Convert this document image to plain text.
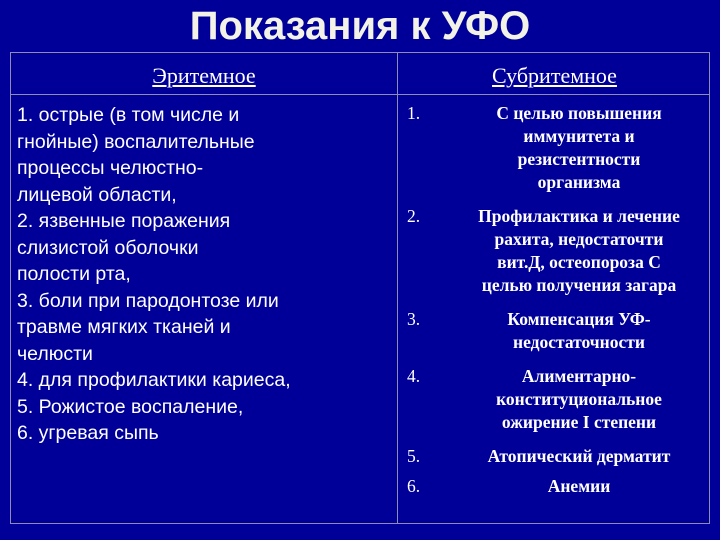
Показания к УФО
Эритемное	Субритемное
1. острые (в том числе и
гнойные) воспалительные
процессы челюстно-
лицевой области,
2. язвенные поражения
слизистой оболочки
полости рта,
3. боли при пародонтозе или
травме мягких тканей и
челюсти
4. для профилактики кариеса,
5. Рожистое воспаление,
6. угревая сыпь
1.	С целью повышения
иммунитета и
резистентности
организма
2.	Профилактика и лечение
рахита, недостаточти
вит.Д, остеопороза С
целью получения загара
3.	Компенсация УФ-
недостаточности
4.	Алиментарно-
конституциональное
ожирение I степени
5.	Атопический дерматит
6.	Анемии
